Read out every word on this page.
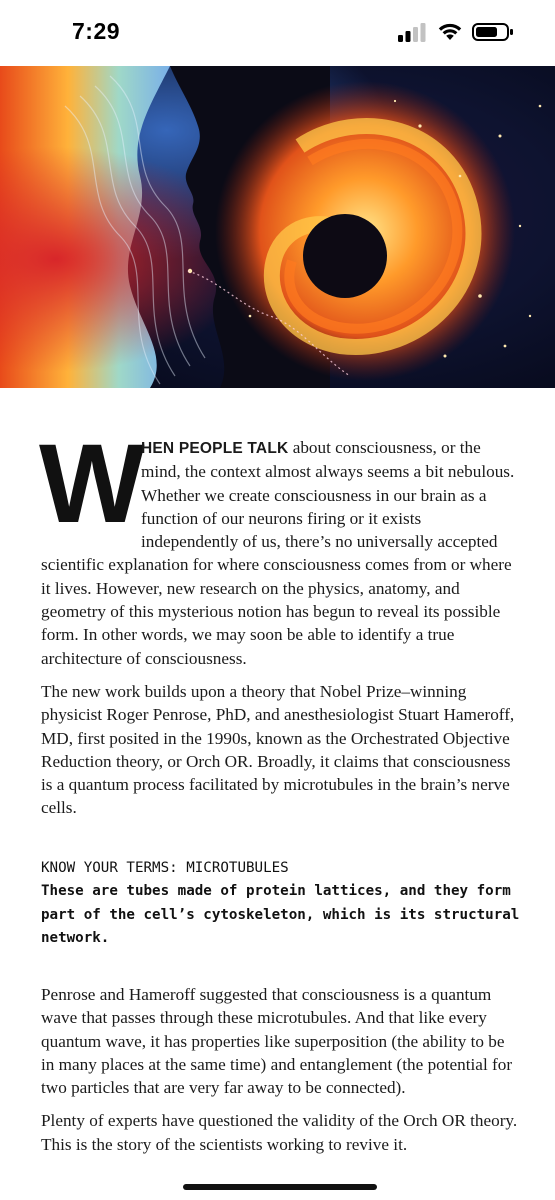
7:29

W
HEN PEOPLE TALK about consciousness, or the mind, the context almost always seems a bit nebulous. Whether we create consciousness in our brain as a function of our neurons firing or it exists independently of us, there’s no universally accepted scientific explanation for where consciousness comes from or where it lives. However, new research on the physics, anatomy, and geometry of this mysterious notion has begun to reveal its possible form. In other words, we may soon be able to identify a true architecture of consciousness.

The new work builds upon a theory that Nobel Prize–winning physicist Roger Penrose, PhD, and anesthesiologist Stuart Hameroff, MD, first posited in the 1990s, known as the Orchestrated Objective Reduction theory, or Orch OR. Broadly, it claims that consciousness is a quantum process facilitated by microtubules in the brain’s nerve cells.

KNOW YOUR TERMS: MICROTUBULES
These are tubes made of protein lattices, and they form part of the cell’s cytoskeleton, which is its structural network.

Penrose and Hameroff suggested that consciousness is a quantum wave that passes through these microtubules. And that like every quantum wave, it has properties like superposition (the ability to be in many places at the same time) and entanglement (the potential for two particles that are very far away to be connected).

Plenty of experts have questioned the validity of the Orch OR theory. This is the story of the scientists working to revive it.
